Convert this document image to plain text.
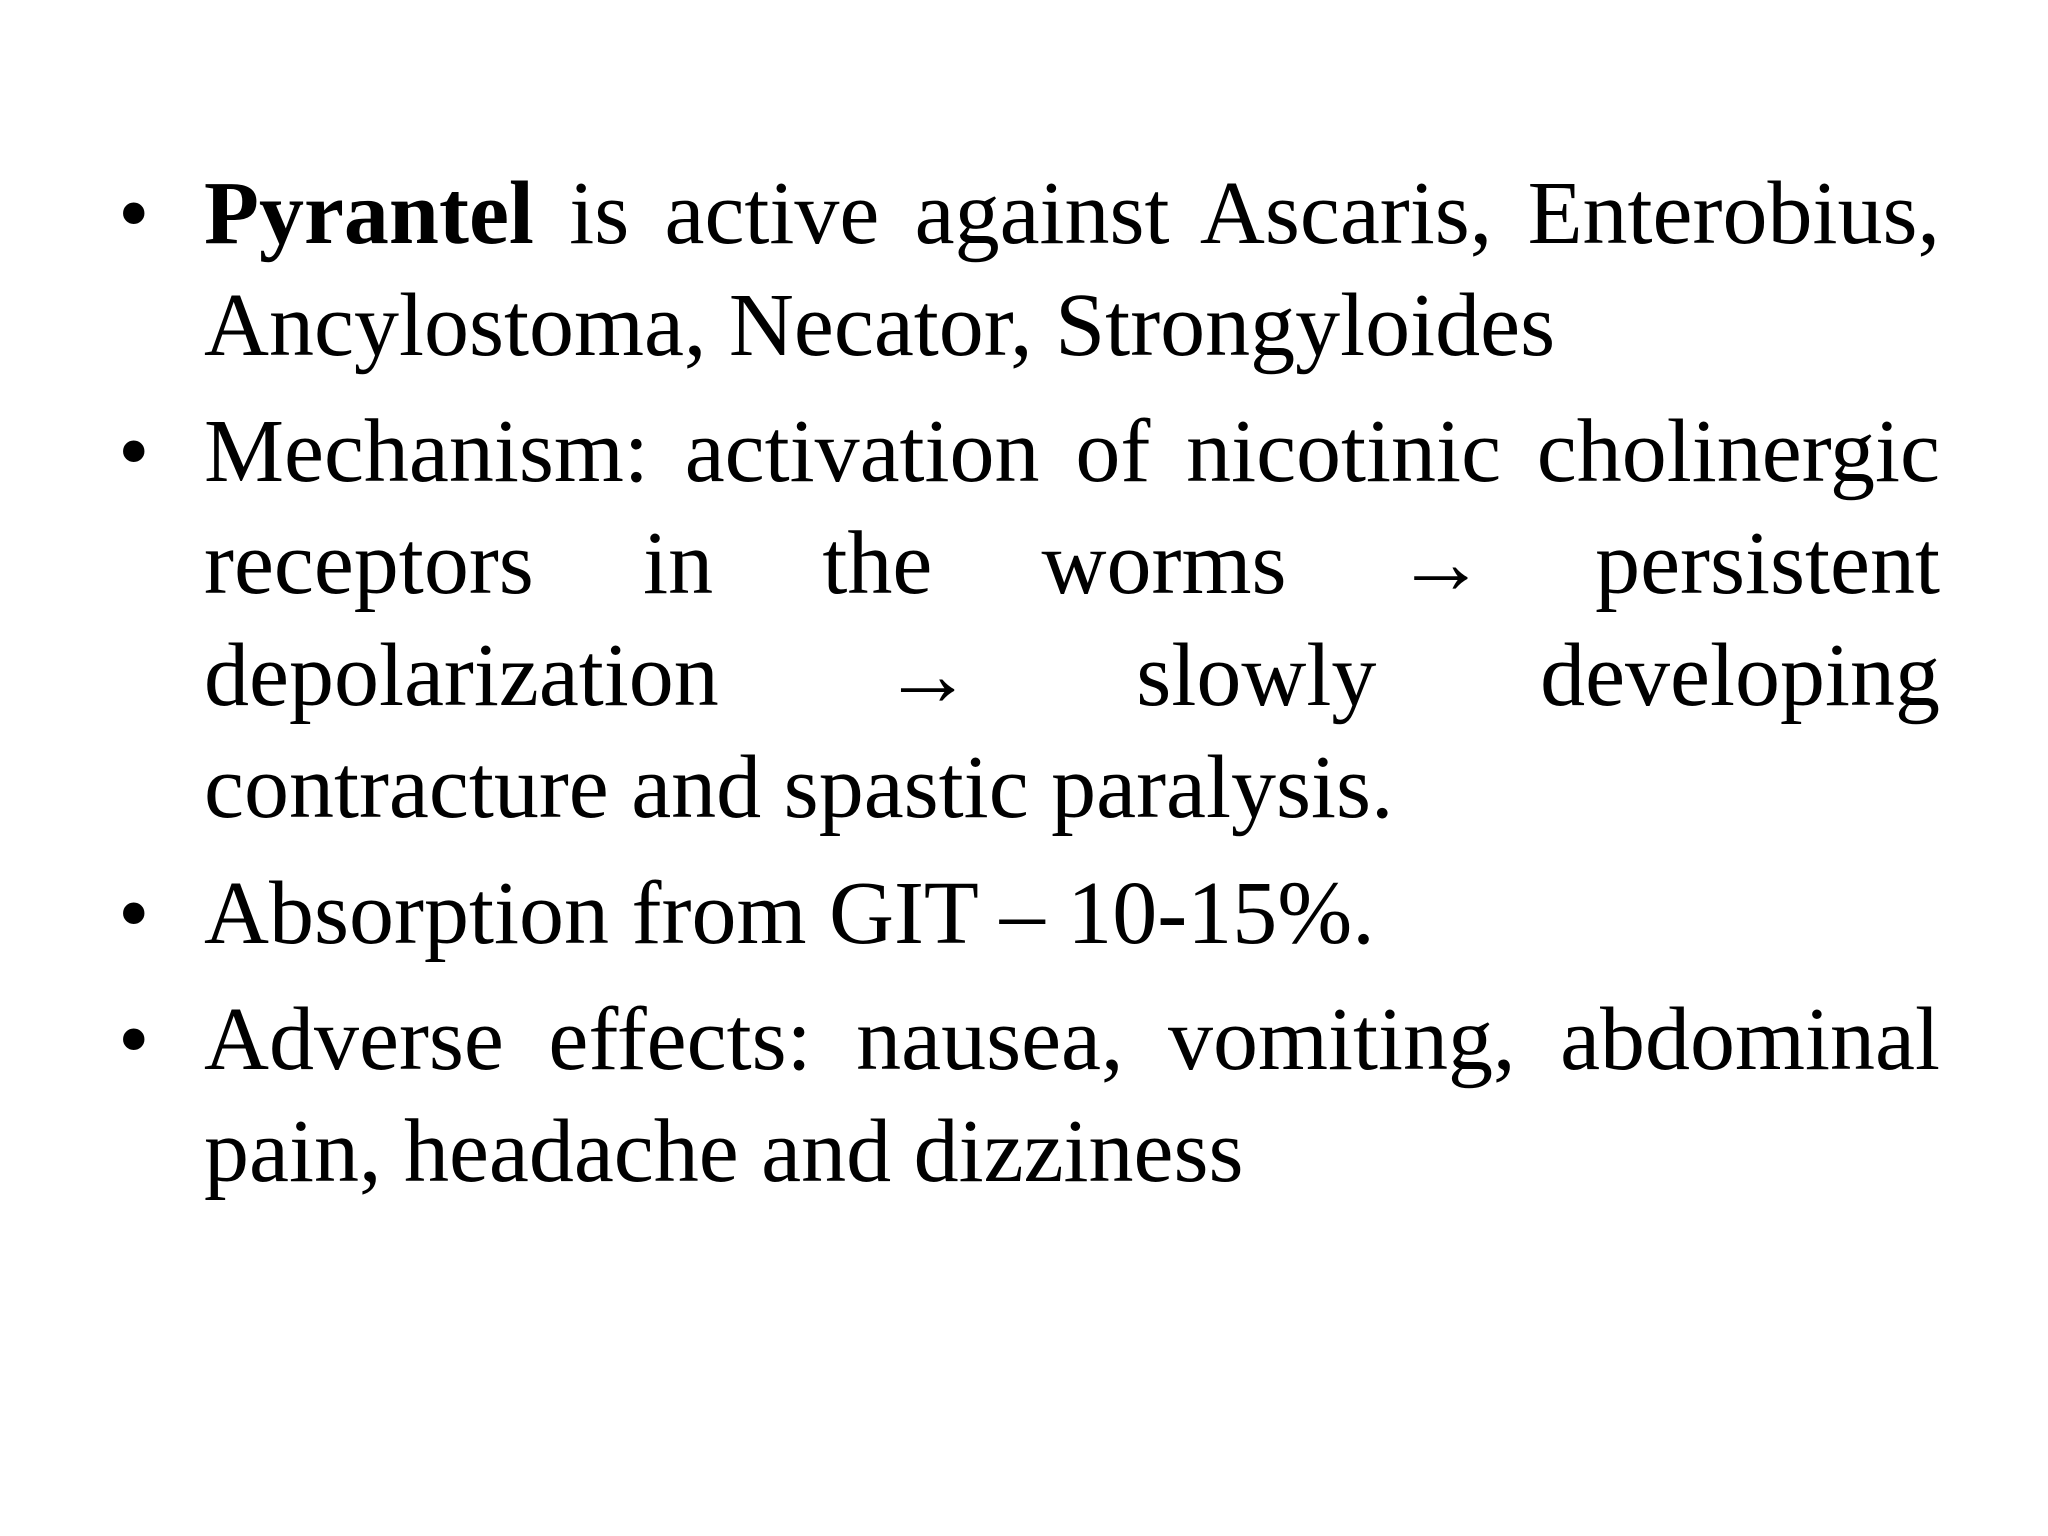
• Pyrantel is active against Ascaris, Enterobius, Ancylostoma, Necator, Strongyloides
• Mechanism: activation of nicotinic cholinergic receptors in the worms → persistent depolarization → slowly developing contracture and spastic paralysis.
• Absorption from GIT – 10-15%.
• Adverse effects: nausea, vomiting, abdominal pain, headache and dizziness
